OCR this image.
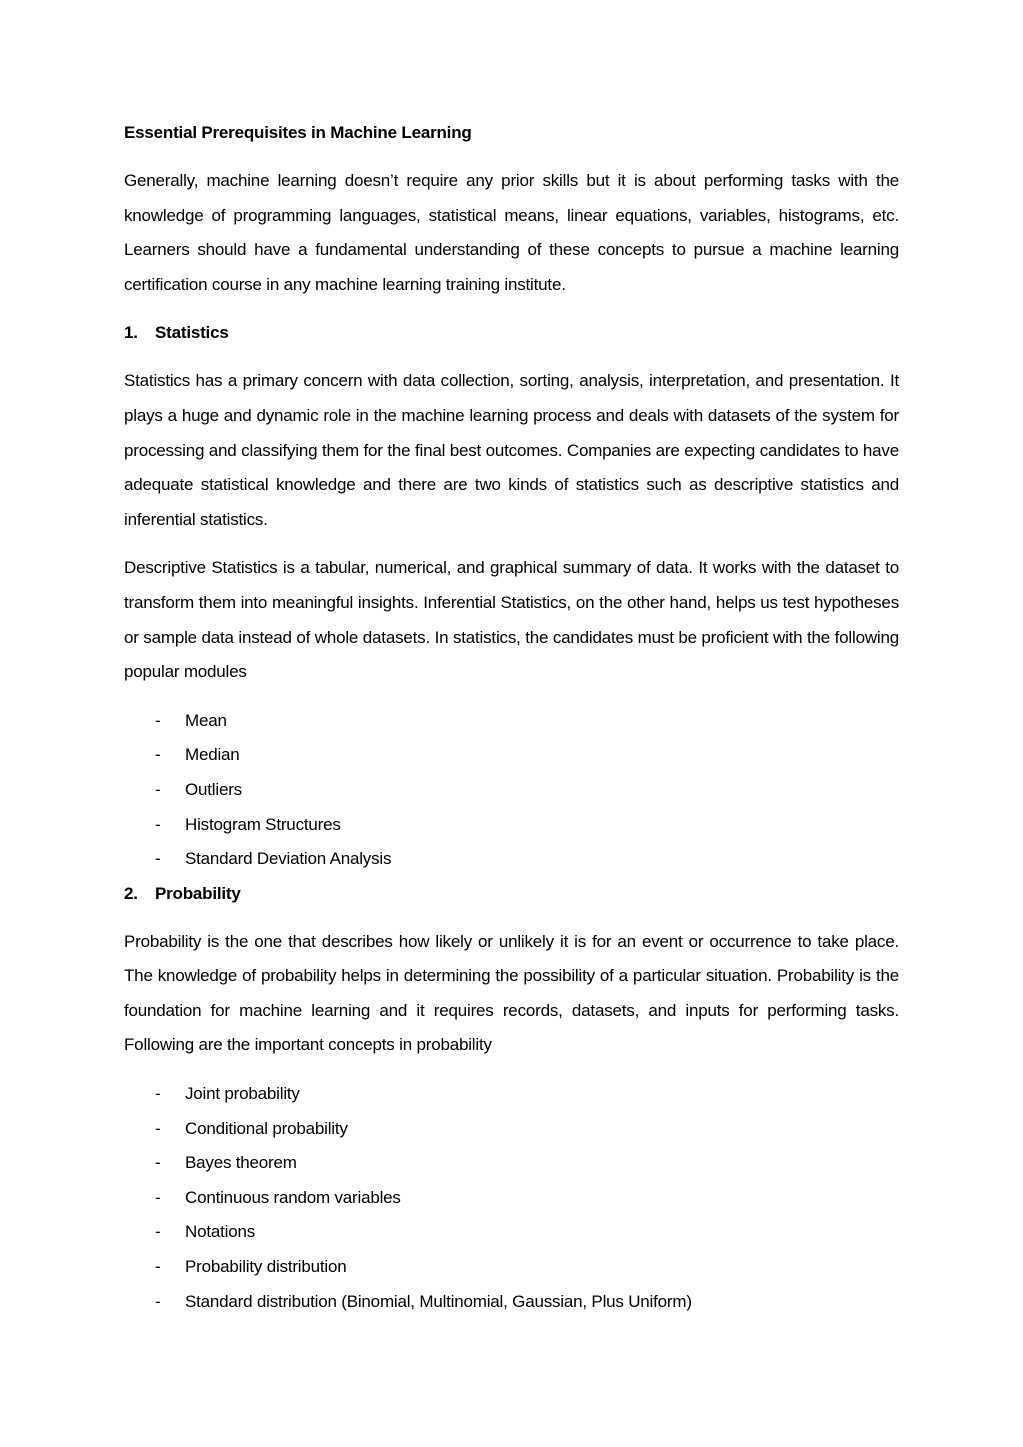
Essential Prerequisites in Machine Learning

Generally, machine learning doesn’t require any prior skills but it is about performing tasks with the knowledge of programming languages, statistical means, linear equations, variables, histograms, etc. Learners should have a fundamental understanding of these concepts to pursue a machine learning certification course in any machine learning training institute.

1.	Statistics

Statistics has a primary concern with data collection, sorting, analysis, interpretation, and presentation. It plays a huge and dynamic role in the machine learning process and deals with datasets of the system for processing and classifying them for the final best outcomes. Companies are expecting candidates to have adequate statistical knowledge and there are two kinds of statistics such as descriptive statistics and inferential statistics.

Descriptive Statistics is a tabular, numerical, and graphical summary of data. It works with the dataset to transform them into meaningful insights. Inferential Statistics, on the other hand, helps us test hypotheses or sample data instead of whole datasets. In statistics, the candidates must be proficient with the following popular modules

-	Mean
-	Median
-	Outliers
-	Histogram Structures
-	Standard Deviation Analysis
2.	Probability

Probability is the one that describes how likely or unlikely it is for an event or occurrence to take place. The knowledge of probability helps in determining the possibility of a particular situation. Probability is the foundation for machine learning and it requires records, datasets, and inputs for performing tasks. Following are the important concepts in probability

-	Joint probability
-	Conditional probability
-	Bayes theorem
-	Continuous random variables
-	Notations
-	Probability distribution
-	Standard distribution (Binomial, Multinomial, Gaussian, Plus Uniform)
